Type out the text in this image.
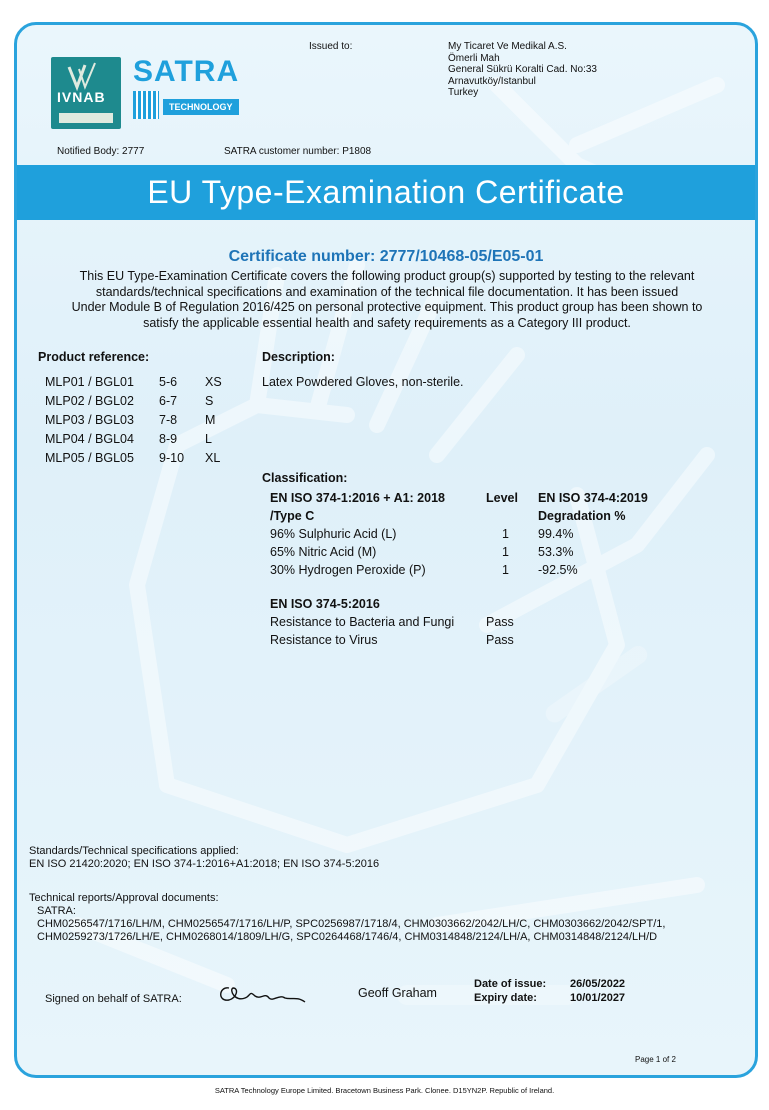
IVNAB
SATRA
TECHNOLOGY
Issued to:	My Ticaret Ve Medikal A.S.
Ömerli Mah
General Sükrü Koralti Cad. No:33
Arnavutköy/Istanbul
Turkey
Notified Body: 2777	SATRA customer number: P1808
EU Type-Examination Certificate
Certificate number: 2777/10468-05/E05-01

This EU Type-Examination Certificate covers the following product group(s) supported by testing to the relevant

standards/technical specifications and examination of the technical file documentation. It has been issued

Under Module B of Regulation 2016/425 on personal protective equipment. This product group has been shown to

satisfy the applicable essential health and safety requirements as a Category III product.

Product reference:	Description:
Latex Powdered Gloves, non-sterile.
MLP01 / BGL01 5-6 XS
MLP02 / BGL02 6-7 S
MLP03 / BGL03 7-8 M
MLP04 / BGL04 8-9 L
MLP05 / BGL05 9-10 XL
Classification:
EN ISO 374-1:2016 + A1: 2018
/Type C
Level EN ISO 374-4:2019
Degradation %
96% Sulphuric Acid (L)	1 99.4%
65% Nitric Acid (M)	1 53.3%
30% Hydrogen Peroxide (P)	1 -92.5%
EN ISO 374-5:2016
Resistance to Bacteria and Fungi	Pass
Resistance to Virus	Pass
Standards/Technical specifications applied:
EN ISO 21420:2020; EN ISO 374-1:2016+A1:2018; EN ISO 374-5:2016
Technical reports/Approval documents:
SATRA:
CHM0256547/1716/LH/M, CHM0256547/1716/LH/P, SPC0256987/1718/4, CHM0303662/2042/LH/C, CHM0303662/2042/SPT/1,
CHM0259273/1726/LH/E, CHM0268014/1809/LH/G, SPC0264468/1746/4, CHM0314848/2124/LH/A, CHM0314848/2124/LH/D
Signed on behalf of SATRA:	Geoff Graham
Date of issue: 26/05/2022
Expiry date:	10/01/2027
Page 1 of 2
SATRA Technology Europe Limited. Bracetown Business Park. Clonee. D15YN2P. Republic of Ireland.
